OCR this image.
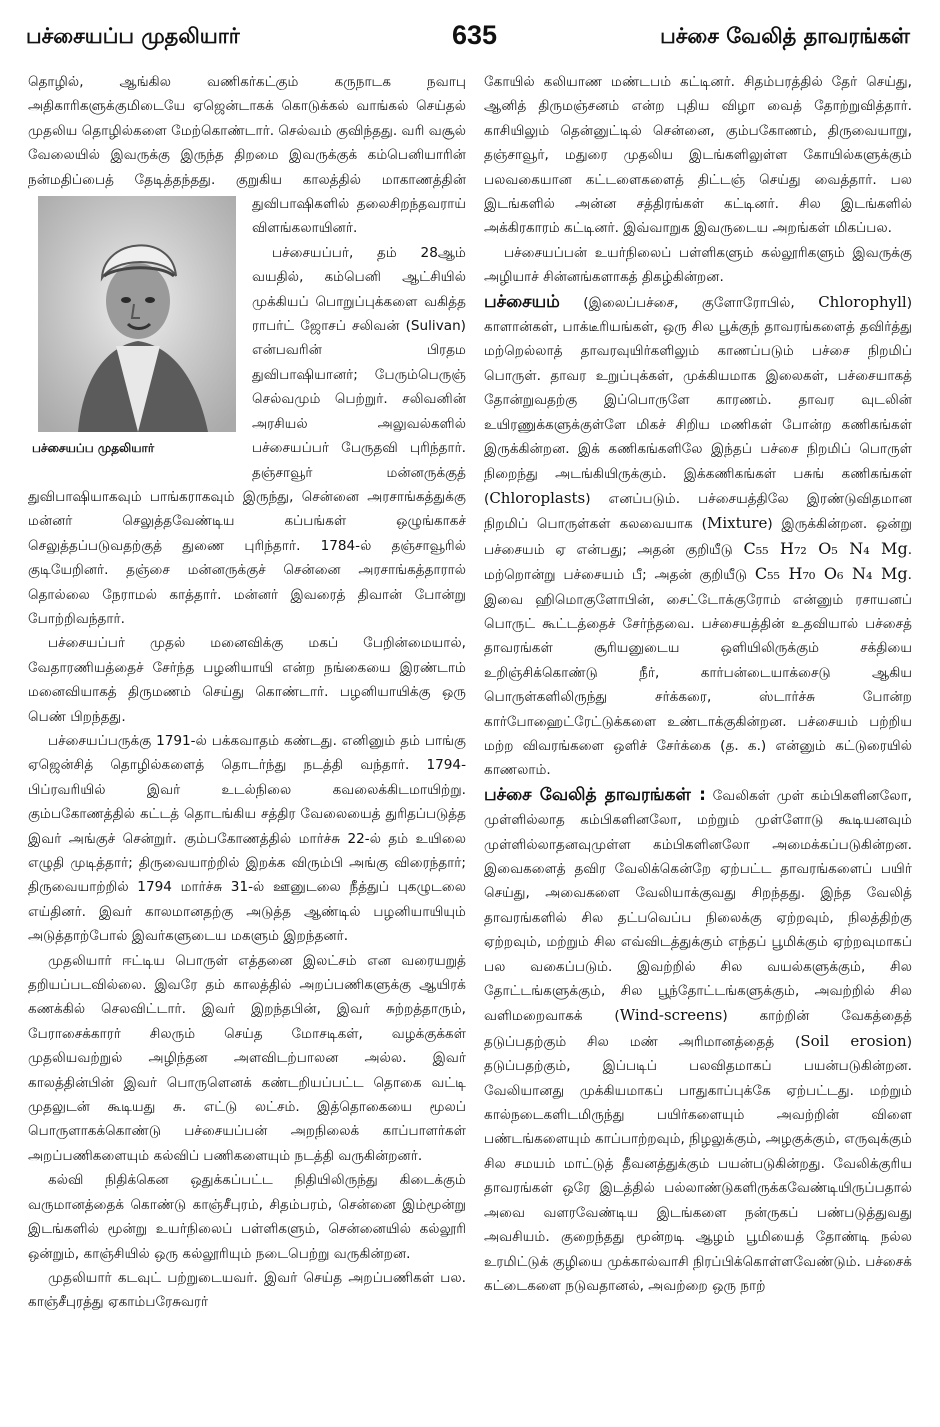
பச்சையப்ப முதலியார்	635	பச்சை வேலித் தாவரங்கள்

தொழில், ஆங்கில வணிகர்கட்கும் கருநாடக நவாபு அதிகாரிகளுக்குமிடையே ஏஜென்டாகக் கொடுக்கல் வாங்கல் செய்தல் முதலிய தொழில்களை மேற்கொண்டார். செல்வம் குவிந்தது. வரி வசூல் வேலையில் இவருக்கு இருந்த திறமை இவருக்குக் கம்பெனியாரின் நன்மதிப்பைத் தேடித்தந்தது. குறுகிய காலத்தில்
பச்சையப்ப முதலியார்
மாகாணத்தின் துவிபாஷிகளில் தலைசிறந்தவராய் விளங்கலாயினர்.

பச்சையப்பர், தம் 28ஆம் வயதில், கம்பெனி ஆட்சியில் முக்கியப் பொறுப்புக்களை வகித்த ராபர்ட் ஜோசப் சலிவன் (Sulivan) என்பவரின் பிரதம துவிபாஷியானர்; பேரும்பெருஞ் செல்வமும் பெற்றுர். சலிவனின் அரசியல் அலுவல்களில் பச்சையப்பர் பேருதவி புரிந்தார். தஞ்சாவூர் மன்னருக்குத் துவிபாஷியாகவும் பாங்கராகவும் இருந்து, சென்னை அரசாங்கத்துக்கு மன்னர் செலுத்தவேண்டிய கப்பங்கள் ஒழுங்காகச் செலுத்தப்படுவதற்குத் துணை புரிந்தார். 1784-ல் தஞ்சாவூரில் குடியேறினர். தஞ்சை மன்னருக்குச் சென்னை அரசாங்கத்தாரால் தொல்லை நேராமல் காத்தார். மன்னர் இவரைத் திவான் போன்று போற்றிவந்தார்.

பச்சையப்பர் முதல் மனைவிக்கு மகப் பேறின்மையால், வேதாரணியத்தைச் சேர்ந்த பழனியாயி என்ற நங்கையை இரண்டாம் மனைவியாகத் திருமணம் செய்து கொண்டார். பழனியாயிக்கு ஒரு பெண் பிறந்தது.

பச்சையப்பருக்கு 1791-ல் பக்கவாதம் கண்டது. எனினும் தம் பாங்கு ஏஜென்சித் தொழில்களைத் தொடர்ந்து நடத்தி வந்தார். 1794-பிப்ரவரியில் இவர் உடல்நிலை கவலைக்கிடமாயிற்று. கும்பகோணத்தில் கட்டத் தொடங்கிய சத்திர வேலையைத் துரிதப்படுத்த இவர் அங்குச் சென்றுர். கும்பகோணத்தில் மார்ச்சு 22-ல் தம் உயிலை எழுதி முடித்தார்; திருவையாற்றில் இறக்க விரும்பி அங்கு விரைந்தார்; திருவையாற்றில் 1794 மார்ச்சு 31-ல் ஊனுடலை நீத்துப் புகழுடலை எய்தினர். இவர் காலமானதற்கு அடுத்த ஆண்டில் பழனியாயியும் அடுத்தாற்போல் இவர்களுடைய மகளும் இறந்தனர்.

முதலியார் ஈட்டிய பொருள் எத்தனை இலட்சம் என வரையறுத் தறியப்படவில்லை. இவரே தம் காலத்தில் அறப்பணிகளுக்கு ஆயிரக் கணக்கில் செலவிட்டார். இவர் இறந்தபின், இவர் சுற்றத்தாரும், பேராசைக்காரர் சிலரும் செய்த மோசடிகள், வழக்குக்கள் முதலியவற்றுல் அழிந்தன அளவிடற்பாலன அல்ல. இவர் காலத்தின்பின் இவர் பொருளெனக் கண்டறியப்பட்ட தொகை வட்டி முதலுடன் கூடியது சு. எட்டு லட்சம். இத்தொகையை மூலப் பொருளாகக்கொண்டு பச்சையப்பன் அறநிலைக் காப்பாளர்கள் அறப்பணிகளையும் கல்விப் பணிகளையும் நடத்தி வருகின்றனர்.

கல்வி நிதிக்கென ஒதுக்கப்பட்ட நிதியிலிருந்து கிடைக்கும் வருமானத்தைக் கொண்டு காஞ்சீபுரம், சிதம்பரம், சென்னை இம்மூன்று இடங்களில் மூன்று உயர்நிலைப் பள்ளிகளும், சென்னையில் கல்லூரி ஒன்றும், காஞ்சியில் ஒரு கல்லூரியும் நடைபெற்று வருகின்றன.

முதலியார் கடவுட் பற்றுடையவர். இவர் செய்த அறப்பணிகள் பல. காஞ்சீபுரத்து ஏகாம்பரேசுவரர்

கோயில் கலியாண மண்டபம் கட்டினர். சிதம்பரத்தில் தேர் செய்து, ஆனித் திருமஞ்சனம் என்ற புதிய விழா வைத் தோற்றுவித்தார். காசியிலும் தென்னுட்டில் சென்னை, கும்பகோணம், திருவையாறு, தஞ்சாவூர், மதுரை முதலிய இடங்களிலுள்ள கோயில்களுக்கும் பலவகையான கட்டளைகளைத் திட்டஞ் செய்து வைத்தார். பல இடங்களில் அன்ன சத்திரங்கள் கட்டினர். சில இடங்களில் அக்கிரகாரம் கட்டினர். இவ்வாறுக இவருடைய அறங்கள் மிகப்பல.

பச்சையப்பன் உயர்நிலைப் பள்ளிகளும் கல்லூரிகளும் இவருக்கு அழியாச் சின்னங்களாகத் திகழ்கின்றன.

பச்சையம் (இலைப்பச்சை, குளோரோபில், Chlorophyll) காளான்கள், பாக்டீரியங்கள், ஒரு சில பூக்குந் தாவரங்களைத் தவிர்த்து மற்றெல்லாத் தாவரவுயிர்களிலும் காணப்படும் பச்சை நிறமிப் பொருள். தாவர உறுப்புக்கள், முக்கியமாக இலைகள், பச்சையாகத் தோன்றுவதற்கு இப்பொருளே காரணம். தாவர வுடலின் உயிரணுக்களுக்குள்ளே மிகச் சிறிய மணிகள் போன்ற கணிகங்கள் இருக்கின்றன. இக் கணிகங்களிலே இந்தப் பச்சை நிறமிப் பொருள் நிறைந்து அடங்கியிருக்கும். இக்கணிகங்கள் பசுங் கணிகங்கள் (Chloroplasts) எனப்படும். பச்சையத்திலே இரண்டுவிதமான நிறமிப் பொருள்கள் கலவையாக (Mixture) இருக்கின்றன. ஒன்று பச்சையம் ஏ என்பது; அதன் குறியீடு C₅₅ H₇₂ O₅ N₄ Mg. மற்றொன்று பச்சையம் பீ; அதன் குறியீடு C₅₅ H₇₀ O₆ N₄ Mg. இவை ஹிமொகுளோபின், சைட்டோக்குரோம் என்னும் ரசாயனப் பொருட் கூட்டத்தைச் சேர்ந்தவை. பச்சையத்தின் உதவியால் பச்சைத் தாவரங்கள் சூரியனுடைய ஒளியிலிருக்கும் சக்தியை உறிஞ்சிக்கொண்டு நீர், கார்பன்டையாக்சைடு ஆகிய பொருள்களிலிருந்து சர்க்கரை, ஸ்டார்ச்சு போன்ற கார்போஹைட்ரேட்டுக்களை உண்டாக்குகின்றன. பச்சையம் பற்றிய மற்ற விவரங்களை ஒளிச் சேர்க்கை (த. க.) என்னும் கட்டுரையில் காணலாம்.

பச்சை வேலித் தாவரங்கள் : வேலிகள் முள் கம்பிகளினலோ, முள்ளில்லாத கம்பிகளினலோ, மற்றும் முள்ளோடு கூடியனவும் முள்ளில்லாதனவுமுள்ள கம்பிகளினலோ அமைக்கப்படுகின்றன. இவைகளைத் தவிர வேலிக்கென்றே ஏற்பட்ட தாவரங்களைப் பயிர் செய்து, அவைகளை வேலியாக்குவது சிறந்தது. இந்த வேலித் தாவரங்களில் சில தட்பவெப்ப நிலைக்கு ஏற்றவும், நிலத்திற்கு ஏற்றவும், மற்றும் சில எவ்விடத்துக்கும் எந்தப் பூமிக்கும் ஏற்றவுமாகப் பல வகைப்படும். இவற்றில் சில வயல்களுக்கும், சில தோட்டங்களுக்கும், சில பூந்தோட்டங்களுக்கும், அவற்றில் சில வளிமறைவாகக் (Wind-screens) காற்றின் வேகத்தைத் தடுப்பதற்கும் சில மண் அரிமானத்தைத் (Soil erosion) தடுப்பதற்கும், இப்படிப் பலவிதமாகப் பயன்படுகின்றன. வேலியானது முக்கியமாகப் பாதுகாப்புக்கே ஏற்பட்டது. மற்றும் கால்நடைகளிடமிருந்து பயிர்களையும் அவற்றின் விளை பண்டங்களையும் காப்பாற்றவும், நிழலுக்கும், அழகுக்கும், எருவுக்கும் சில சமயம் மாட்டுத் தீவனத்துக்கும் பயன்படுகின்றது. வேலிக்குரிய தாவரங்கள் ஒரே இடத்தில் பல்லாண்டுகளிருக்கவேண்டியிருப்பதால் அவை வளரவேண்டிய இடங்களை நன்ருகப் பண்படுத்துவது அவசியம். குறைந்தது மூன்றடி ஆழம் பூமியைத் தோண்டி நல்ல உரமிட்டுக் குழியை முக்கால்வாசி நிரப்பிக்கொள்ளவேண்டும். பச்சைக் கட்டைகளை நடுவதானல், அவற்றை ஒரு நாற்
